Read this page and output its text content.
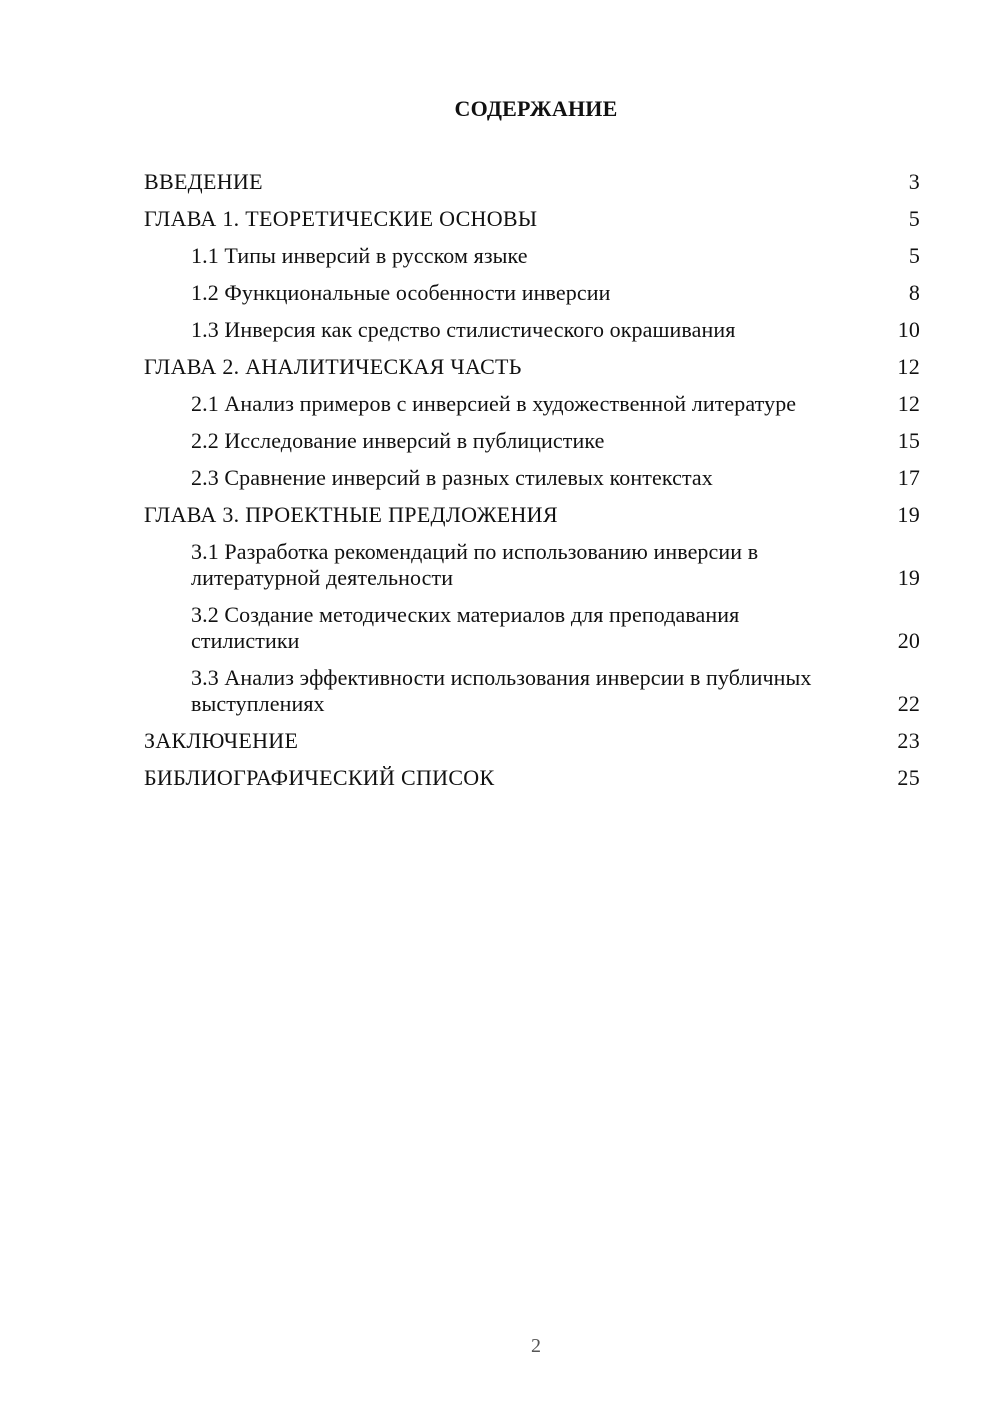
СОДЕРЖАНИЕ
ВВЕДЕНИЕ	3
ГЛАВА 1. ТЕОРЕТИЧЕСКИЕ ОСНОВЫ	5
1.1 Типы инверсий в русском языке	5
1.2 Функциональные особенности инверсии	8
1.3 Инверсия как средство стилистического окрашивания	10
ГЛАВА 2. АНАЛИТИЧЕСКАЯ ЧАСТЬ	12
2.1 Анализ примеров с инверсией в художественной литературе	12
2.2 Исследование инверсий в публицистике	15
2.3 Сравнение инверсий в разных стилевых контекстах	17
ГЛАВА 3. ПРОЕКТНЫЕ ПРЕДЛОЖЕНИЯ	19
3.1 Разработка рекомендаций по использованию инверсии в литературной деятельности	19
3.2 Создание методических материалов для преподавания стилистики	20
3.3 Анализ эффективности использования инверсии в публичных выступлениях	22
ЗАКЛЮЧЕНИЕ	23
БИБЛИОГРАФИЧЕСКИЙ СПИСОК	25
2
